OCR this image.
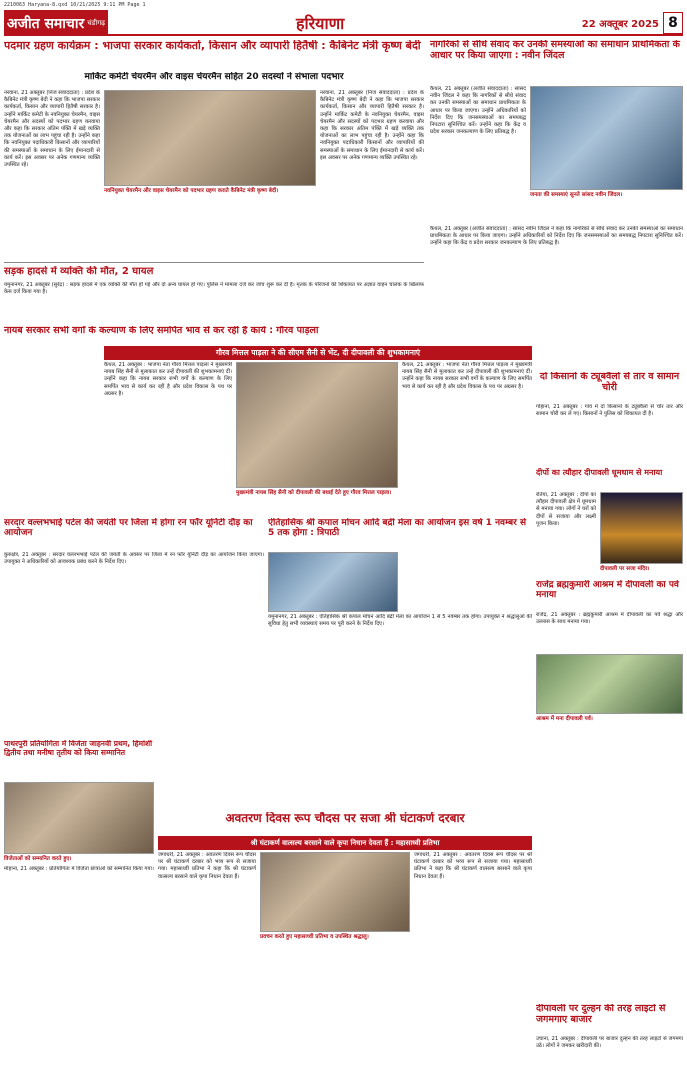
2210063 Haryana-8.qxd 10/21/2025 9:11 PM Page 1
अजीत समाचार चंडीगढ़	हरियाणा	22 अक्तूबर 2025 8
पदमार ग्रहण कार्यक्रम : भाजपा सरकार कार्यकर्ता, किसान और व्यापारी हितैषी : कैबिनेट मंत्री कृष्ण बेदी
मार्किट कमेटी चेयरमैन और वाइस चेयरमैन सहित 20 सदस्यों ने संभाला पदभार

नरवाना, 21 अक्तूबर (निज संवाददाता) : प्रदेश के कैबिनेट मंत्री कृष्ण बेदी ने कहा कि भाजपा सरकार कार्यकर्ता, किसान और व्यापारी हितैषी सरकार है। उन्होंने मार्किट कमेटी के नवनियुक्त चेयरमैन, वाइस चेयरमैन और सदस्यों को पदभार ग्रहण करवाया और कहा कि सरकार अंतिम पंक्ति में खड़े व्यक्ति तक योजनाओं का लाभ पहुंचा रही है। उन्होंने कहा कि नवनियुक्त पदाधिकारी किसानों और व्यापारियों की समस्याओं के समाधान के लिए ईमानदारी से कार्य करें। इस अवसर पर अनेक गणमान्य व्यक्ति उपस्थित रहे।

नवनियुक्त चेयरमैन और वाइस चेयरमैन को पदभार ग्रहण कराते कैबिनेट मंत्री कृष्ण बेदी।

नरवाना, 21 अक्तूबर (निज संवाददाता) : प्रदेश के कैबिनेट मंत्री कृष्ण बेदी ने कहा कि भाजपा सरकार कार्यकर्ता, किसान और व्यापारी हितैषी सरकार है। उन्होंने मार्किट कमेटी के नवनियुक्त चेयरमैन, वाइस चेयरमैन और सदस्यों को पदभार ग्रहण करवाया और कहा कि सरकार अंतिम पंक्ति में खड़े व्यक्ति तक योजनाओं का लाभ पहुंचा रही है। उन्होंने कहा कि नवनियुक्त पदाधिकारी किसानों और व्यापारियों की समस्याओं के समाधान के लिए ईमानदारी से कार्य करें। इस अवसर पर अनेक गणमान्य व्यक्ति उपस्थित रहे।

नागरिकों से सीधे संवाद कर उनकी समस्याओं का समाधान प्राथमिकता के आधार पर किया जाएगा : नवीन जिंदल

कैथल, 21 अक्तूबर (अजीत संवाददाता) : सांसद नवीन जिंदल ने कहा कि नागरिकों से सीधे संवाद कर उनकी समस्याओं का समाधान प्राथमिकता के आधार पर किया जाएगा। उन्होंने अधिकारियों को निर्देश दिए कि जनसमस्याओं का समयबद्ध निपटारा सुनिश्चित करें। उन्होंने कहा कि केंद्र व प्रदेश सरकार जनकल्याण के लिए प्रतिबद्ध है।

जनता की समस्याएं सुनते सांसद नवीन जिंदल।

कैथल, 21 अक्तूबर (अजीत संवाददाता) : सांसद नवीन जिंदल ने कहा कि नागरिकों से सीधे संवाद कर उनकी समस्याओं का समाधान प्राथमिकता के आधार पर किया जाएगा। उन्होंने अधिकारियों को निर्देश दिए कि जनसमस्याओं का समयबद्ध निपटारा सुनिश्चित करें। उन्होंने कहा कि केंद्र व प्रदेश सरकार जनकल्याण के लिए प्रतिबद्ध है।

सड़क हादसे में व्यक्ति की मौत, 2 घायल

यमुनानगर, 21 अक्तूबर (सुरेंद्र) : सड़क हादसे में एक व्यक्ति की मौत हो गई और दो अन्य घायल हो गए। पुलिस ने मामला दर्ज कर जांच शुरू कर दी है। मृतक के परिजनों की शिकायत पर अज्ञात वाहन चालक के खिलाफ केस दर्ज किया गया है।

नायब सरकार सभी वर्गों के कल्याण के लिए समर्पित भाव से कर रही है कार्य : गौरव पाड़ला
गौरव मित्तल पाड़ला ने की सीएम सैनी से भेंट, दी दीपावली की शुभकामनाएं
मुख्यमंत्री नायब सिंह सैनी को दीपावली की बधाई देते हुए गौरव मित्तल पाड़ला।

कैथल, 21 अक्तूबर : भाजपा नेता गौरव मित्तल पाड़ला ने मुख्यमंत्री नायब सिंह सैनी से मुलाकात कर उन्हें दीपावली की शुभकामनाएं दीं। उन्होंने कहा कि नायब सरकार सभी वर्गों के कल्याण के लिए समर्पित भाव से कार्य कर रही है और प्रदेश विकास के पथ पर अग्रसर है।

कैथल, 21 अक्तूबर : भाजपा नेता गौरव मित्तल पाड़ला ने मुख्यमंत्री नायब सिंह सैनी से मुलाकात कर उन्हें दीपावली की शुभकामनाएं दीं। उन्होंने कहा कि नायब सरकार सभी वर्गों के कल्याण के लिए समर्पित भाव से कार्य कर रही है और प्रदेश विकास के पथ पर अग्रसर है।

दो किसानों के ट्यूबवैलों से तार व सामान चोरी

गोहाना, 21 अक्तूबर : गांव में दो किसानों के ट्यूबवैलों से चोर तार और सामान चोरी कर ले गए। किसानों ने पुलिस को शिकायत दी है।

दीपों का त्यौहार दीपावली धूमधाम से मनाया

रतिया, 21 अक्तूबर : दीपों का त्यौहार दीपावली क्षेत्र में धूमधाम से मनाया गया। लोगों ने घरों को दीपों से सजाया और लक्ष्मी पूजन किया।

दीपावली पर सजा मंदिर।
राजेंद्र ब्रह्मकुमारी आश्रम में दीपावली का पर्व मनाया

राजेंद्र, 21 अक्तूबर : ब्रह्मकुमारी आश्रम में दीपावली का पर्व श्रद्धा और उल्लास के साथ मनाया गया।

आश्रम में मना दीपावली पर्व।
सरदार वल्लभभाई पटेल की जयंती पर जिला में होगा रन फॉर यूनिटी दौड़ का आयोजन

कुरुक्षेत्र, 21 अक्तूबर : सरदार वल्लभभाई पटेल की जयंती के अवसर पर जिला में रन फॉर यूनिटी दौड़ का आयोजन किया जाएगा। उपायुक्त ने अधिकारियों को आवश्यक प्रबंध करने के निर्देश दिए।

ऐतिहासिक श्री कपाल मोचन आदि बद्री मेला का आयोजन इस वर्ष 1 नवम्बर से 5 तक होगा : त्रिपाठी

यमुनानगर, 21 अक्तूबर : ऐतिहासिक श्री कपाल मोचन आदि बद्री मेला का आयोजन 1 से 5 नवम्बर तक होगा। उपायुक्त ने श्रद्धालुओं की सुविधा हेतु सभी व्यवस्थाएं समय पर पूरी करने के निर्देश दिए।

पाथरपुरी प्रतियोगिता में विजेता जाहनवी प्रथम, हिमांशी द्वितीय तथा मनीषा तृतीय को किया सम्मानित
विजेताओं को सम्मानित करते हुए।

मोहाना, 21 अक्तूबर : प्रतियोगिता में विजेता छात्राओं को सम्मानित किया गया।

अवतरण दिवस रूप चौदस पर सजा श्री घंटाकर्ण दरबार
श्री घंटाकर्ण वात्सल्य बरसाने वाले कृपा निधान देवता हैं : महासाध्वी प्रतिभा
प्रवचन करते हुए महासाध्वी प्रतिभा व उपस्थित श्रद्धालु।

जगाधरी, 21 अक्तूबर : अवतरण दिवस रूप चौदस पर श्री घंटाकर्ण दरबार को भव्य रूप से सजाया गया। महासाध्वी प्रतिभा ने कहा कि श्री घंटाकर्ण वात्सल्य बरसाने वाले कृपा निधान देवता हैं।

जगाधरी, 21 अक्तूबर : अवतरण दिवस रूप चौदस पर श्री घंटाकर्ण दरबार को भव्य रूप से सजाया गया। महासाध्वी प्रतिभा ने कहा कि श्री घंटाकर्ण वात्सल्य बरसाने वाले कृपा निधान देवता हैं।

दीपावली पर दुल्हन की तरह लाइटों से जगमगाए बाजार

उचाना, 21 अक्तूबर : दीपावली पर बाजार दुल्हन की तरह लाइटों से जगमगा उठे। लोगों ने जमकर खरीदारी की।
